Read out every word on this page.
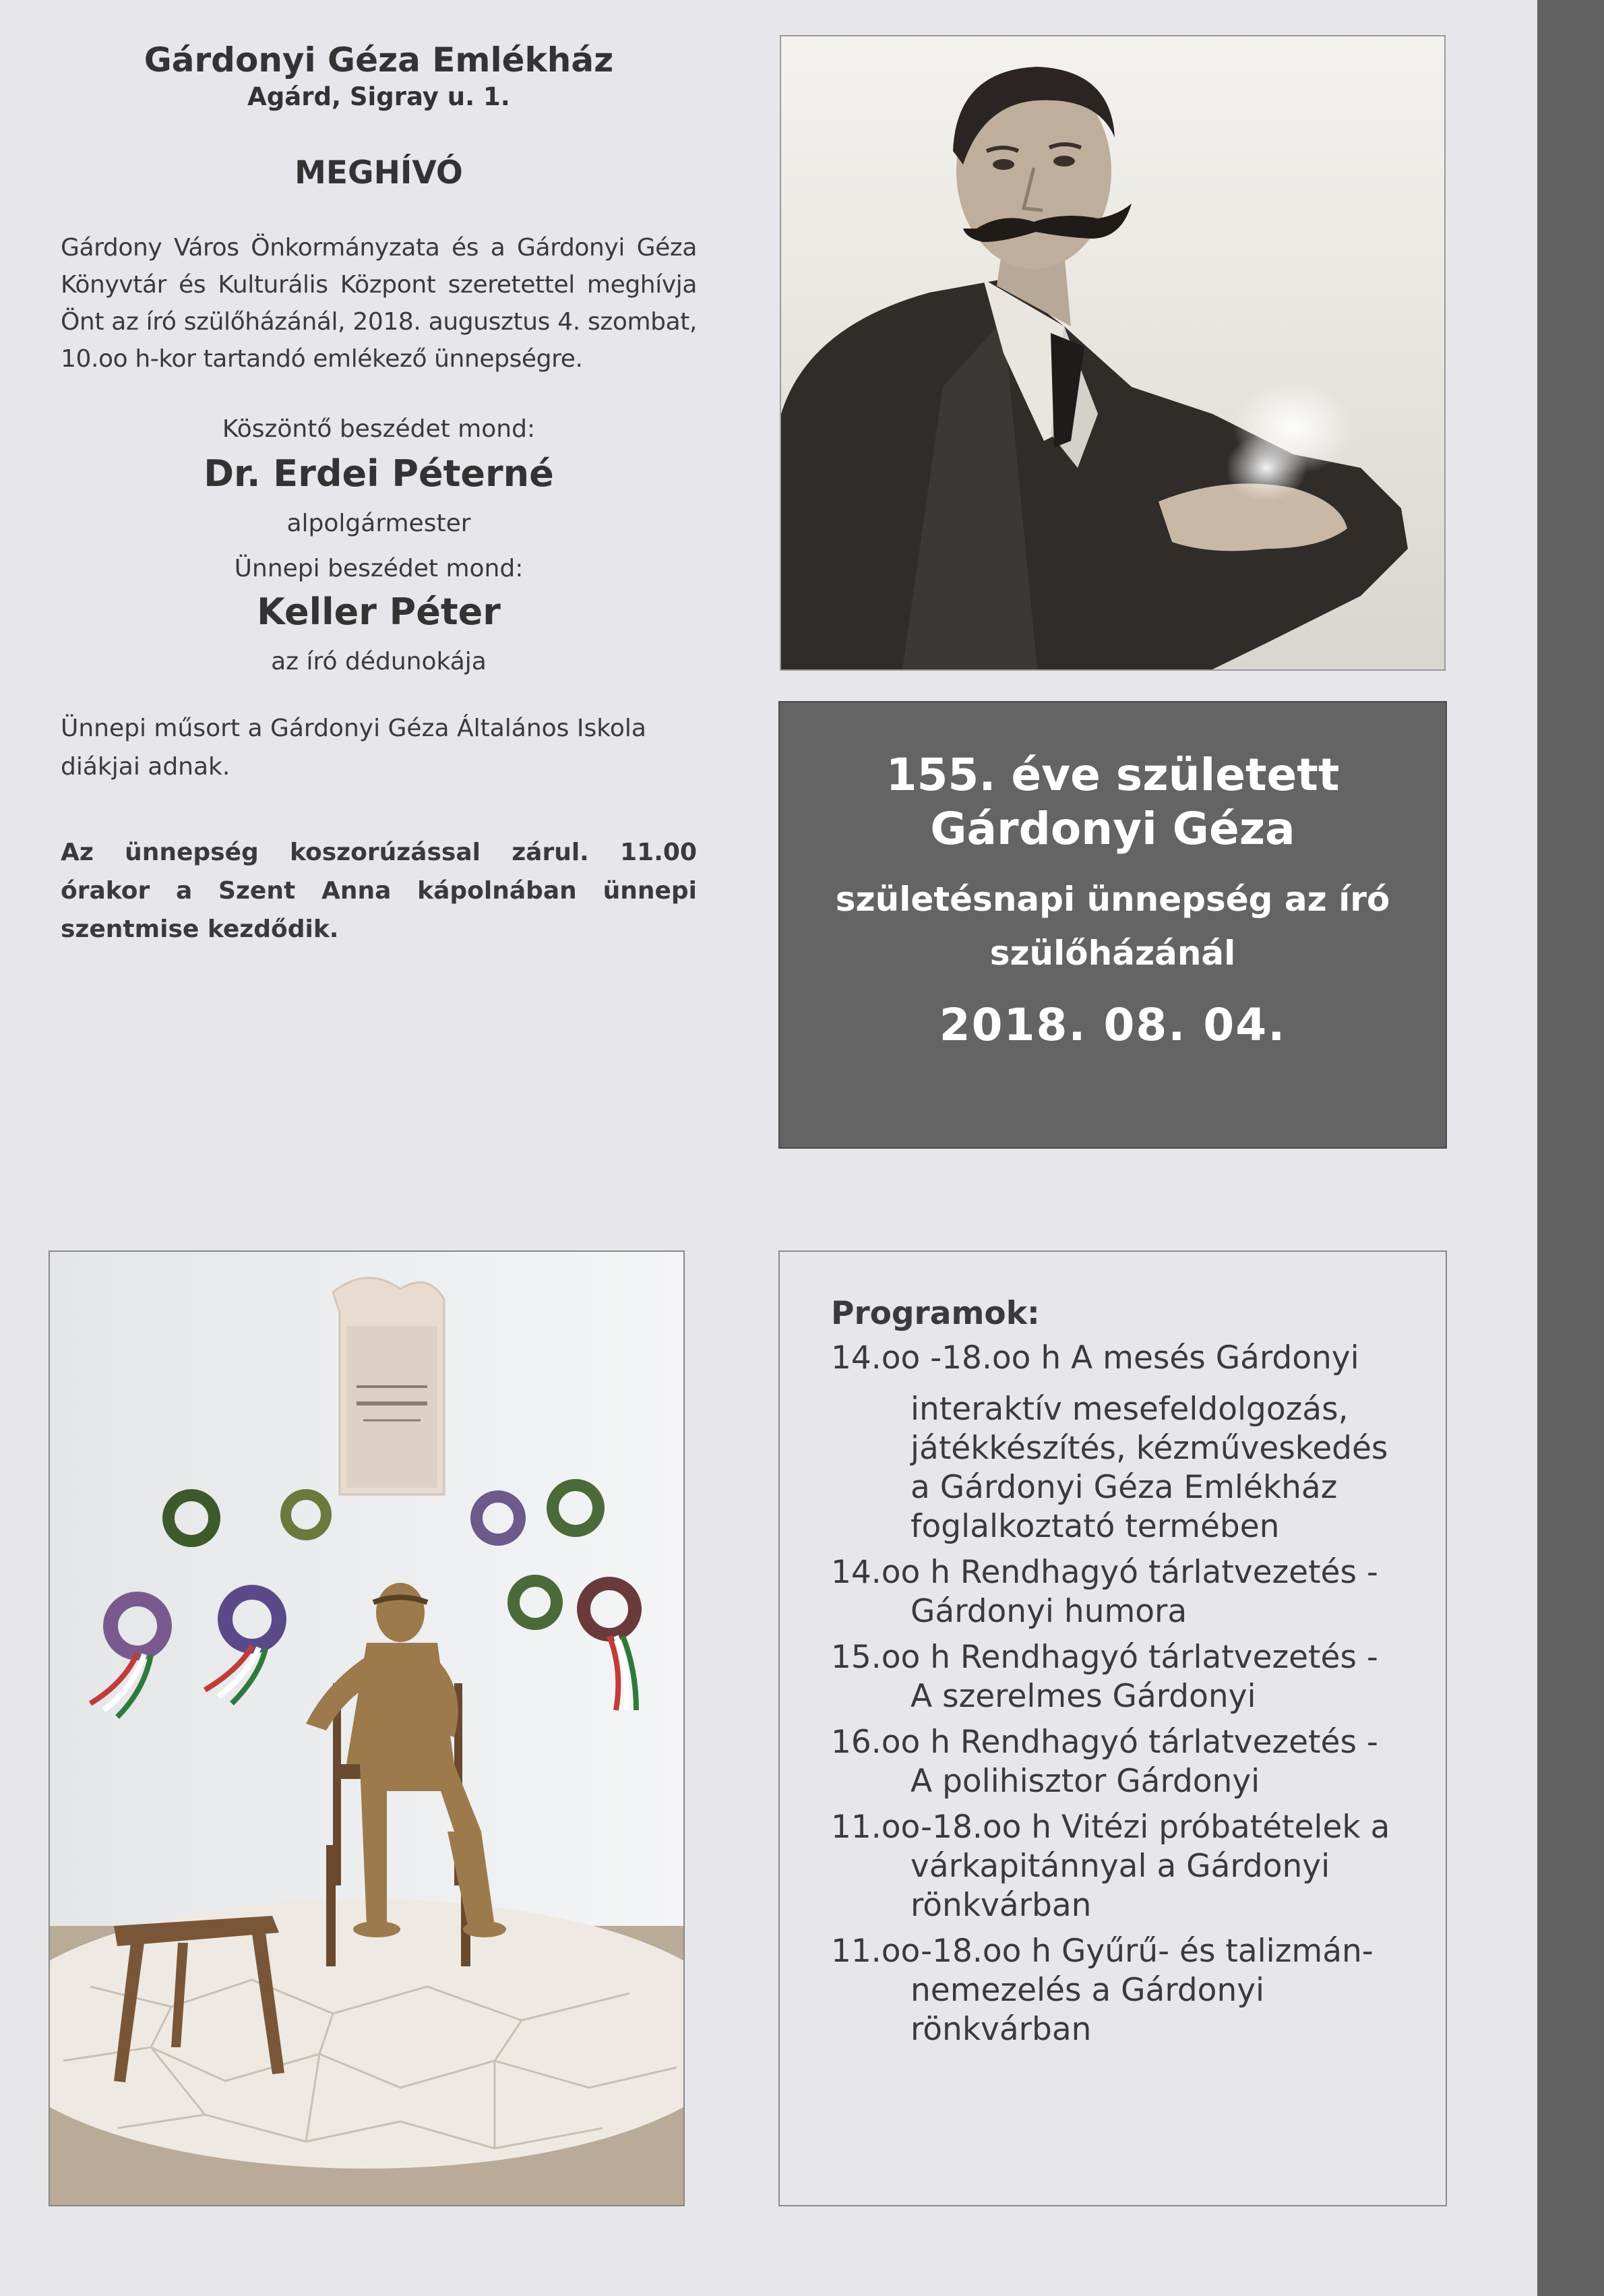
Gárdonyi Géza Emlékház
Agárd, Sigray u. 1.
MEGHÍVÓ
Gárdony Város Önkormányzata és a Gárdonyi Géza Könyvtár és Kulturális Központ szeretettel meghívja Önt az író szülőházánál, 2018. augusztus 4. szombat, 10.oo h-kor tartandó emlékező ünnepségre.
Köszöntő beszédet mond:
Dr. Erdei Péterné
alpolgármester
Ünnepi beszédet mond:
Keller Péter
az író dédunokája
Ünnepi műsort a Gárdonyi Géza Általános Iskola diákjai adnak.
Az ünnepség koszorúzással zárul. 11.00 órakor a Szent Anna kápolnában ünnepi szentmise kezdődik.
155. éve született
Gárdonyi Géza
születésnapi ünnepség az író
szülőházánál
2018. 08. 04.
Programok:
14.oo -18.oo h A mesés Gárdonyi
interaktív mesefeldolgozás,
játékkészítés, kézműveskedés
a Gárdonyi Géza Emlékház
foglalkoztató termében
14.oo h Rendhagyó tárlatvezetés -
Gárdonyi humora
15.oo h Rendhagyó tárlatvezetés -
A szerelmes Gárdonyi
16.oo h Rendhagyó tárlatvezetés -
A polihisztor Gárdonyi
11.oo-18.oo h Vitézi próbatételek a
várkapitánnyal a Gárdonyi
rönkvárban
11.oo-18.oo h Gyűrű- és talizmán-
nemezelés a Gárdonyi
rönkvárban
